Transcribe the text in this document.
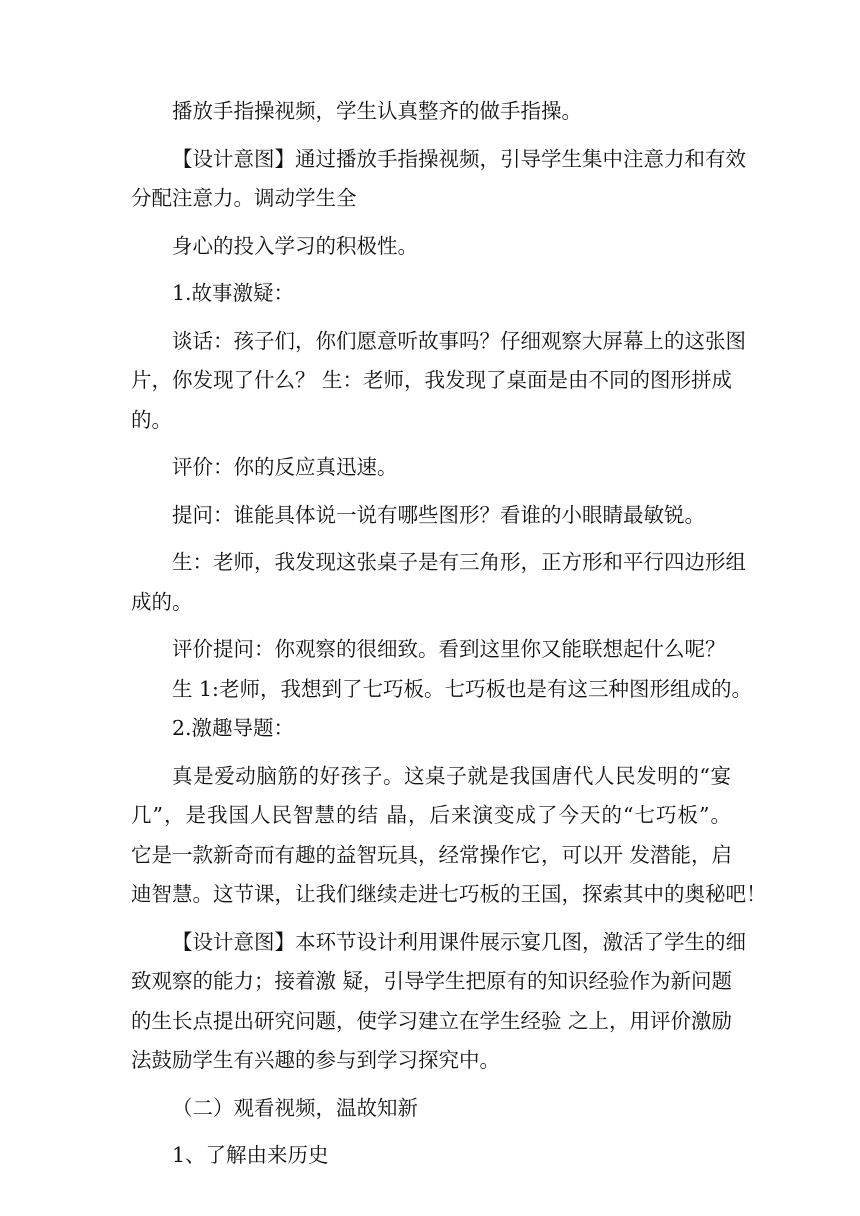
播放手指操视频，学生认真整齐的做手指操。
【设计意图】通过播放手指操视频，引导学生集中注意力和有效
分配注意力。调动学生全
身心的投入学习的积极性。
1.故事激疑：
谈话：孩子们，你们愿意听故事吗？仔细观察大屏幕上的这张图
片，你发现了什么？ 生：老师，我发现了桌面是由不同的图形拼成
的。
评价：你的反应真迅速。
提问：谁能具体说一说有哪些图形？看谁的小眼睛最敏锐。
生：老师，我发现这张桌子是有三角形，正方形和平行四边形组
成的。
评价提问：你观察的很细致。看到这里你又能联想起什么呢？
生 1:老师，我想到了七巧板。七巧板也是有这三种图形组成的。
2.激趣导题：
真是爱动脑筋的好孩子。这桌子就是我国唐代人民发明的“宴
几”，是我国人民智慧的结 晶，后来演变成了今天的“七巧板”。
它是一款新奇而有趣的益智玩具，经常操作它，可以开 发潜能，启
迪智慧。这节课，让我们继续走进七巧板的王国，探索其中的奥秘吧！
【设计意图】本环节设计利用课件展示宴几图，激活了学生的细
致观察的能力；接着激 疑，引导学生把原有的知识经验作为新问题
的生长点提出研究问题，使学习建立在学生经验 之上，用评价激励
法鼓励学生有兴趣的参与到学习探究中。
（二）观看视频，温故知新
1、了解由来历史
